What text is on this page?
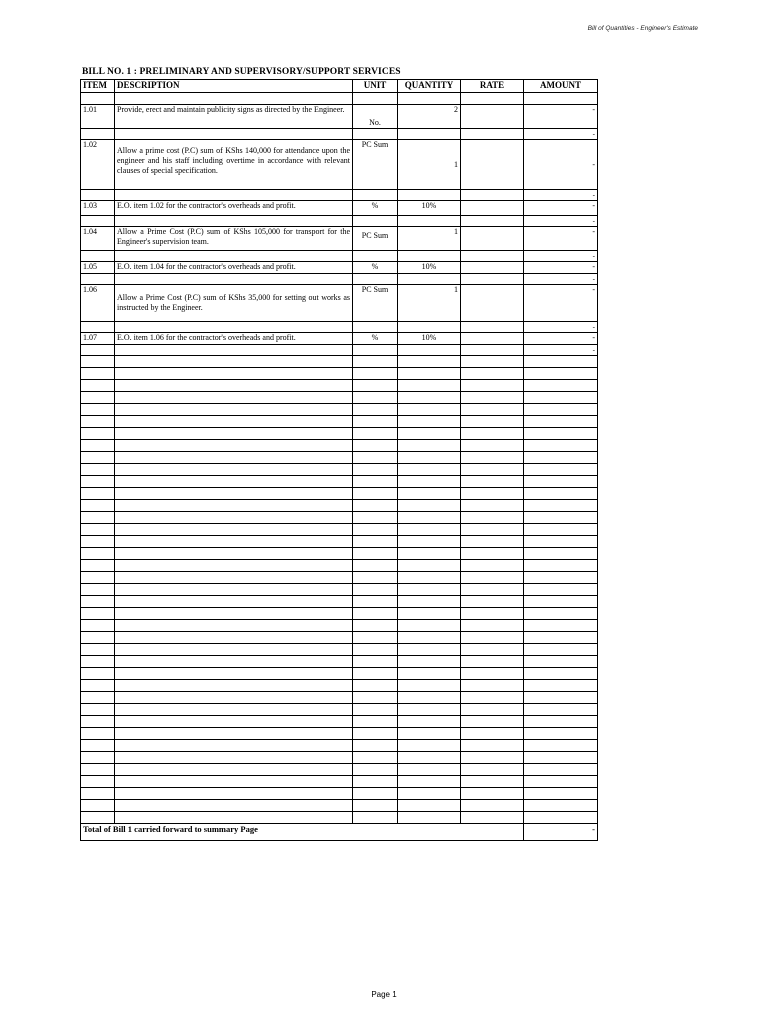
Bill of Quantities - Engineer's Estimate
BILL NO. 1 : PRELIMINARY AND SUPERVISORY/SUPPORT SERVICES
ITEM	DESCRIPTION	UNIT	QUANTITY	RATE	AMOUNT

1.01	Provide, erect and maintain publicity signs as directed by the Engineer.	No.	2		-
					-
1.02	Allow a prime cost (P.C) sum of KShs 140,000 for attendance upon the engineer and his staff including overtime in accordance with relevant clauses of special specification.	PC Sum	1		-
					-
1.03	E.O. item 1.02 for the contractor's overheads and profit.	%	10%		-
					-
1.04	Allow a Prime Cost (P.C) sum of KShs 105,000 for transport for the Engineer's supervision team.	PC Sum	1		-
					-
1.05	E.O. item 1.04 for the contractor's overheads and profit.	%	10%		-
					-
1.06	Allow a Prime Cost (P.C) sum of KShs 35,000 for setting out works as instructed by the Engineer.	PC Sum	1		-
					-
1.07	E.O. item 1.06 for the contractor's overheads and profit.	%	10%		-
					-

Total of Bill 1 carried forward to summary Page					-
Page 1
